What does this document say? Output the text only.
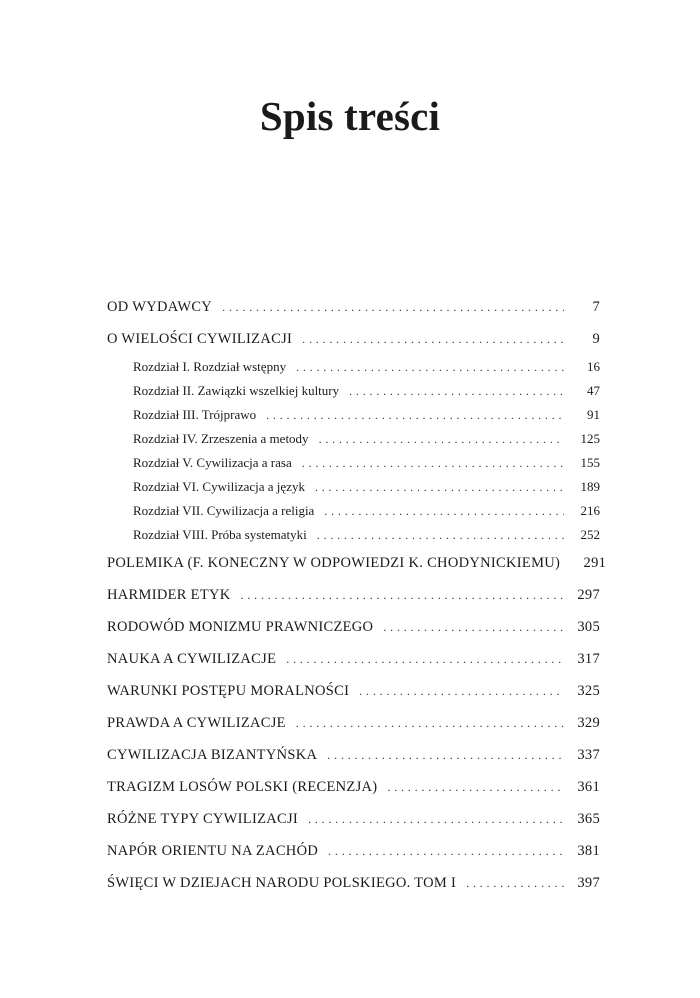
Spis treści
OD WYDAWCY . . .	7
O WIELOŚCI CYWILIZACJI . . .	9
Rozdział I. Rozdział wstępny . . .	16
Rozdział II. Zawiązki wszelkiej kultury . . .	47
Rozdział III. Trójprawo . . .	91
Rozdział IV. Zrzeszenia a metody . . .	125
Rozdział V. Cywilizacja a rasa . . .	155
Rozdział VI. Cywilizacja a język . . .	189
Rozdział VII. Cywilizacja a religia . . .	216
Rozdział VIII. Próba systematyki . . .	252
POLEMIKA (F. KONECZNY W ODPOWIEDZI K. CHODYNICKIEMU)	291
HARMIDER ETYK . . .	297
RODOWÓD MONIZMU PRAWNICZEGO . . .	305
NAUKA A CYWILIZACJE . . .	317
WARUNKI POSTĘPU MORALNOŚCI . . .	325
PRAWDA A CYWILIZACJE . . .	329
CYWILIZACJA BIZANTYŃSKA . . .	337
TRAGIZM LOSÓW POLSKI (RECENZJA) . . .	361
RÓŻNE TYPY CYWILIZACJI . . .	365
NAPÓR ORIENTU NA ZACHÓD . . .	381
ŚWIĘCI W DZIEJACH NARODU POLSKIEGO. TOM I . . .	397
